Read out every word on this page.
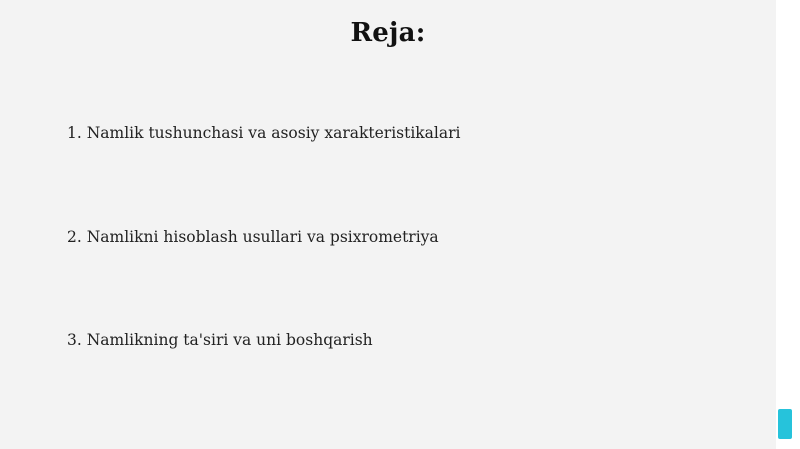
Reja:

1. Namlik tushunchasi va asosiy xarakteristikalari

2. Namlikni hisoblash usullari va psixrometriya

3. Namlikning ta'siri va uni boshqarish
